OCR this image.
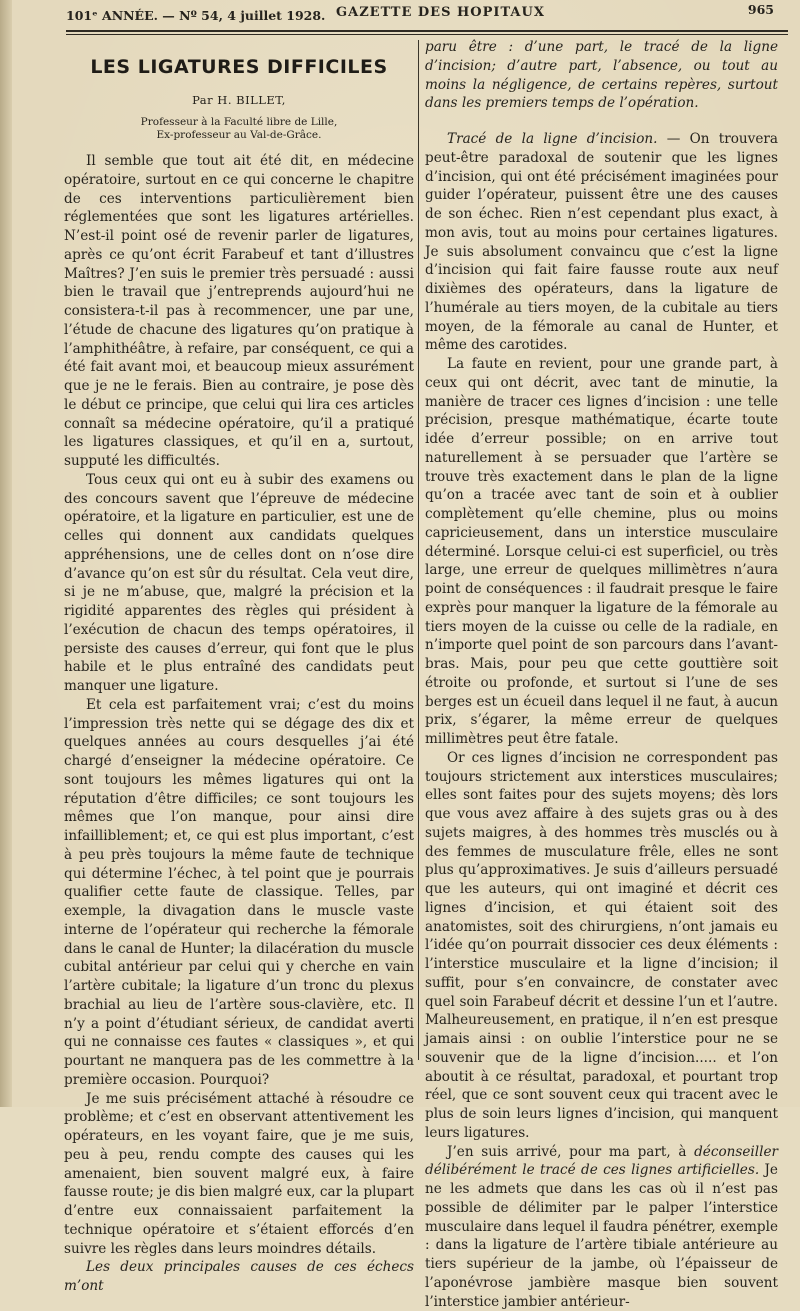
101ᵉ ANNÉE. — Nº 54, 4 juillet 1928. GAZETTE DES HOPITAUX	965
LES LIGATURES DIFFICILES
Par H. BILLET,
Professeur à la Faculté libre de Lille,
Ex-professeur au Val-de-Grâce.

Il semble que tout ait été dit, en médecine opératoire, surtout en ce qui concerne le chapitre de ces interventions particulièrement bien réglementées que sont les ligatures artérielles. N’est-il point osé de revenir parler de ligatures, après ce qu’ont écrit Farabeuf et tant d’illustres Maîtres? J’en suis le premier très persuadé : aussi bien le travail que j’entreprends aujourd’hui ne consistera-t-il pas à recommencer, une par une, l’étude de chacune des ligatures qu’on pratique à l’amphithéâtre, à refaire, par conséquent, ce qui a été fait avant moi, et beaucoup mieux assurément que je ne le ferais. Bien au contraire, je pose dès le début ce principe, que celui qui lira ces articles connaît sa médecine opératoire, qu’il a pratiqué les ligatures classiques, et qu’il en a, surtout, supputé les difficultés.

Tous ceux qui ont eu à subir des examens ou des concours savent que l’épreuve de médecine opératoire, et la ligature en particulier, est une de celles qui donnent aux candidats quelques appréhensions, une de celles dont on n’ose dire d’avance qu’on est sûr du résultat. Cela veut dire, si je ne m’abuse, que, malgré la précision et la rigidité apparentes des règles qui président à l’exécution de chacun des temps opératoires, il persiste des causes d’erreur, qui font que le plus habile et le plus entraîné des candidats peut manquer une ligature.

Et cela est parfaitement vrai; c’est du moins l’impression très nette qui se dégage des dix et quelques années au cours desquelles j’ai été chargé d’enseigner la médecine opératoire. Ce sont toujours les mêmes ligatures qui ont la réputation d’être difficiles; ce sont toujours les mêmes que l’on manque, pour ainsi dire infailliblement; et, ce qui est plus important, c’est à peu près toujours la même faute de technique qui détermine l’échec, à tel point que je pourrais qualifier cette faute de classique. Telles, par exemple, la divagation dans le muscle vaste interne de l’opérateur qui recherche la fémorale dans le canal de Hunter; la dilacération du muscle cubital antérieur par celui qui y cherche en vain l’artère cubitale; la ligature d’un tronc du plexus brachial au lieu de l’artère sous-clavière, etc. Il n’y a point d’étudiant sérieux, de candidat averti qui ne connaisse ces fautes « classiques », et qui pourtant ne manquera pas de les commettre à la première occasion. Pourquoi?

Je me suis précisément attaché à résoudre ce problème; et c’est en observant attentivement les opérateurs, en les voyant faire, que je me suis, peu à peu, rendu compte des causes qui les amenaient, bien souvent malgré eux, à faire fausse route; je dis bien malgré eux, car la plupart d’entre eux connaissaient parfaitement la technique opératoire et s’étaient efforcés d’en suivre les règles dans leurs moindres détails.

Les deux principales causes de ces échecs m’ont

paru être : d’une part, le tracé de la ligne d’incision; d’autre part, l’absence, ou tout au moins la négligence, de certains repères, surtout dans les premiers temps de l’opération.

Tracé de la ligne d’incision. — On trouvera peut-être paradoxal de soutenir que les lignes d’incision, qui ont été précisément imaginées pour guider l’opérateur, puissent être une des causes de son échec. Rien n’est cependant plus exact, à mon avis, tout au moins pour certaines ligatures. Je suis absolument convaincu que c’est la ligne d’incision qui fait faire fausse route aux neuf dixièmes des opérateurs, dans la ligature de l’humérale au tiers moyen, de la cubitale au tiers moyen, de la fémorale au canal de Hunter, et même des carotides.

La faute en revient, pour une grande part, à ceux qui ont décrit, avec tant de minutie, la manière de tracer ces lignes d’incision : une telle précision, presque mathématique, écarte toute idée d’erreur possible; on en arrive tout naturellement à se persuader que l’artère se trouve très exactement dans le plan de la ligne qu’on a tracée avec tant de soin et à oublier complètement qu’elle chemine, plus ou moins capricieusement, dans un interstice musculaire déterminé. Lorsque celui-ci est superficiel, ou très large, une erreur de quelques millimètres n’aura point de conséquences : il faudrait presque le faire exprès pour manquer la ligature de la fémorale au tiers moyen de la cuisse ou celle de la radiale, en n’importe quel point de son parcours dans l’avant-bras. Mais, pour peu que cette gouttière soit étroite ou profonde, et surtout si l’une de ses berges est un écueil dans lequel il ne faut, à aucun prix, s’égarer, la même erreur de quelques millimètres peut être fatale.

Or ces lignes d’incision ne correspondent pas toujours strictement aux interstices musculaires; elles sont faites pour des sujets moyens; dès lors que vous avez affaire à des sujets gras ou à des sujets maigres, à des hommes très musclés ou à des femmes de musculature frêle, elles ne sont plus qu’approximatives. Je suis d’ailleurs persuadé que les auteurs, qui ont imaginé et décrit ces lignes d’incision, et qui étaient soit des anatomistes, soit des chirurgiens, n’ont jamais eu l’idée qu’on pourrait dissocier ces deux éléments : l’interstice musculaire et la ligne d’incision; il suffit, pour s’en convaincre, de constater avec quel soin Farabeuf décrit et dessine l’un et l’autre. Malheureusement, en pratique, il n’en est presque jamais ainsi : on oublie l’interstice pour ne se souvenir que de la ligne d’incision..... et l’on aboutit à ce résultat, paradoxal, et pourtant trop réel, que ce sont souvent ceux qui tracent avec le plus de soin leurs lignes d’incision, qui manquent leurs ligatures.

J’en suis arrivé, pour ma part, à déconseiller délibérément le tracé de ces lignes artificielles. Je ne les admets que dans les cas où il n’est pas possible de délimiter par le palper l’interstice musculaire dans lequel il faudra pénétrer, exemple : dans la ligature de l’artère tibiale antérieure au tiers supérieur de la jambe, où l’épaisseur de l’aponévrose jambière masque bien souvent l’interstice jambier antérieur-
